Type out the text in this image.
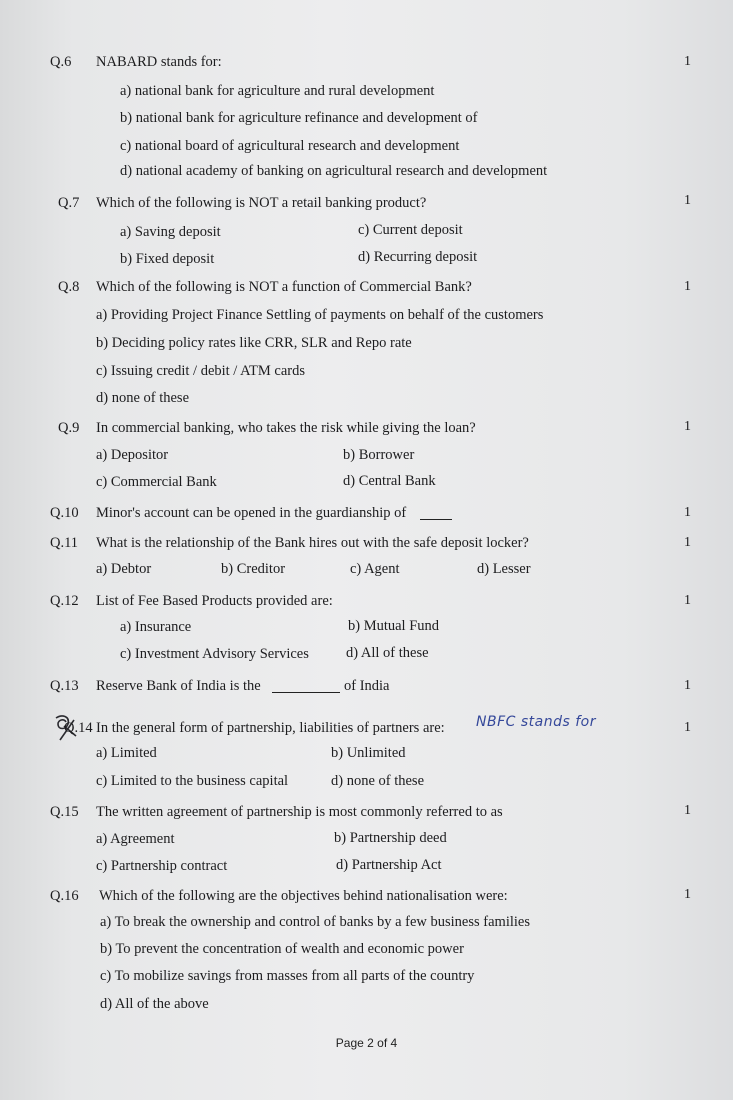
Q.6 NABARD stands for:	1
a) national bank for agriculture and rural development
b) national bank for agriculture refinance and development of
c) national board of agricultural research and development
d) national academy of banking on agricultural research and development
Q.7 Which of the following is NOT a retail banking product?	1
a) Saving deposit	c) Current deposit
b) Fixed deposit	d) Recurring deposit
Q.8 Which of the following is NOT a function of Commercial Bank?	1
a) Providing Project Finance Settling of payments on behalf of the customers
b) Deciding policy rates like CRR, SLR and Repo rate
c) Issuing credit / debit / ATM cards
d) none of these
Q.9 In commercial banking, who takes the risk while giving the loan?	1
a) Depositor	b) Borrower
c) Commercial Bank	d) Central Bank
Q.10 Minor's account can be opened in the guardianship of	1
Q.11 What is the relationship of the Bank hires out with the safe deposit locker?	1
a) Debtor	b) Creditor	c) Agent	d) Lesser
Q.12 List of Fee Based Products provided are:	1
a) Insurance	b) Mutual Fund
c) Investment Advisory Services	d) All of these
Q.13 Reserve Bank of India is the	of India	1
Q.14 In the general form of partnership, liabilities of partners are: NBFC stands for	1
a) Limited	b) Unlimited
c) Limited to the business capital	d) none of these
Q.15 The written agreement of partnership is most commonly referred to as	1
a) Agreement	b) Partnership deed
c) Partnership contract	d) Partnership Act
Q.16 Which of the following are the objectives behind nationalisation were:	1
a) To break the ownership and control of banks by a few business families
b) To prevent the concentration of wealth and economic power
c) To mobilize savings from masses from all parts of the country
d) All of the above
Page 2 of 4
